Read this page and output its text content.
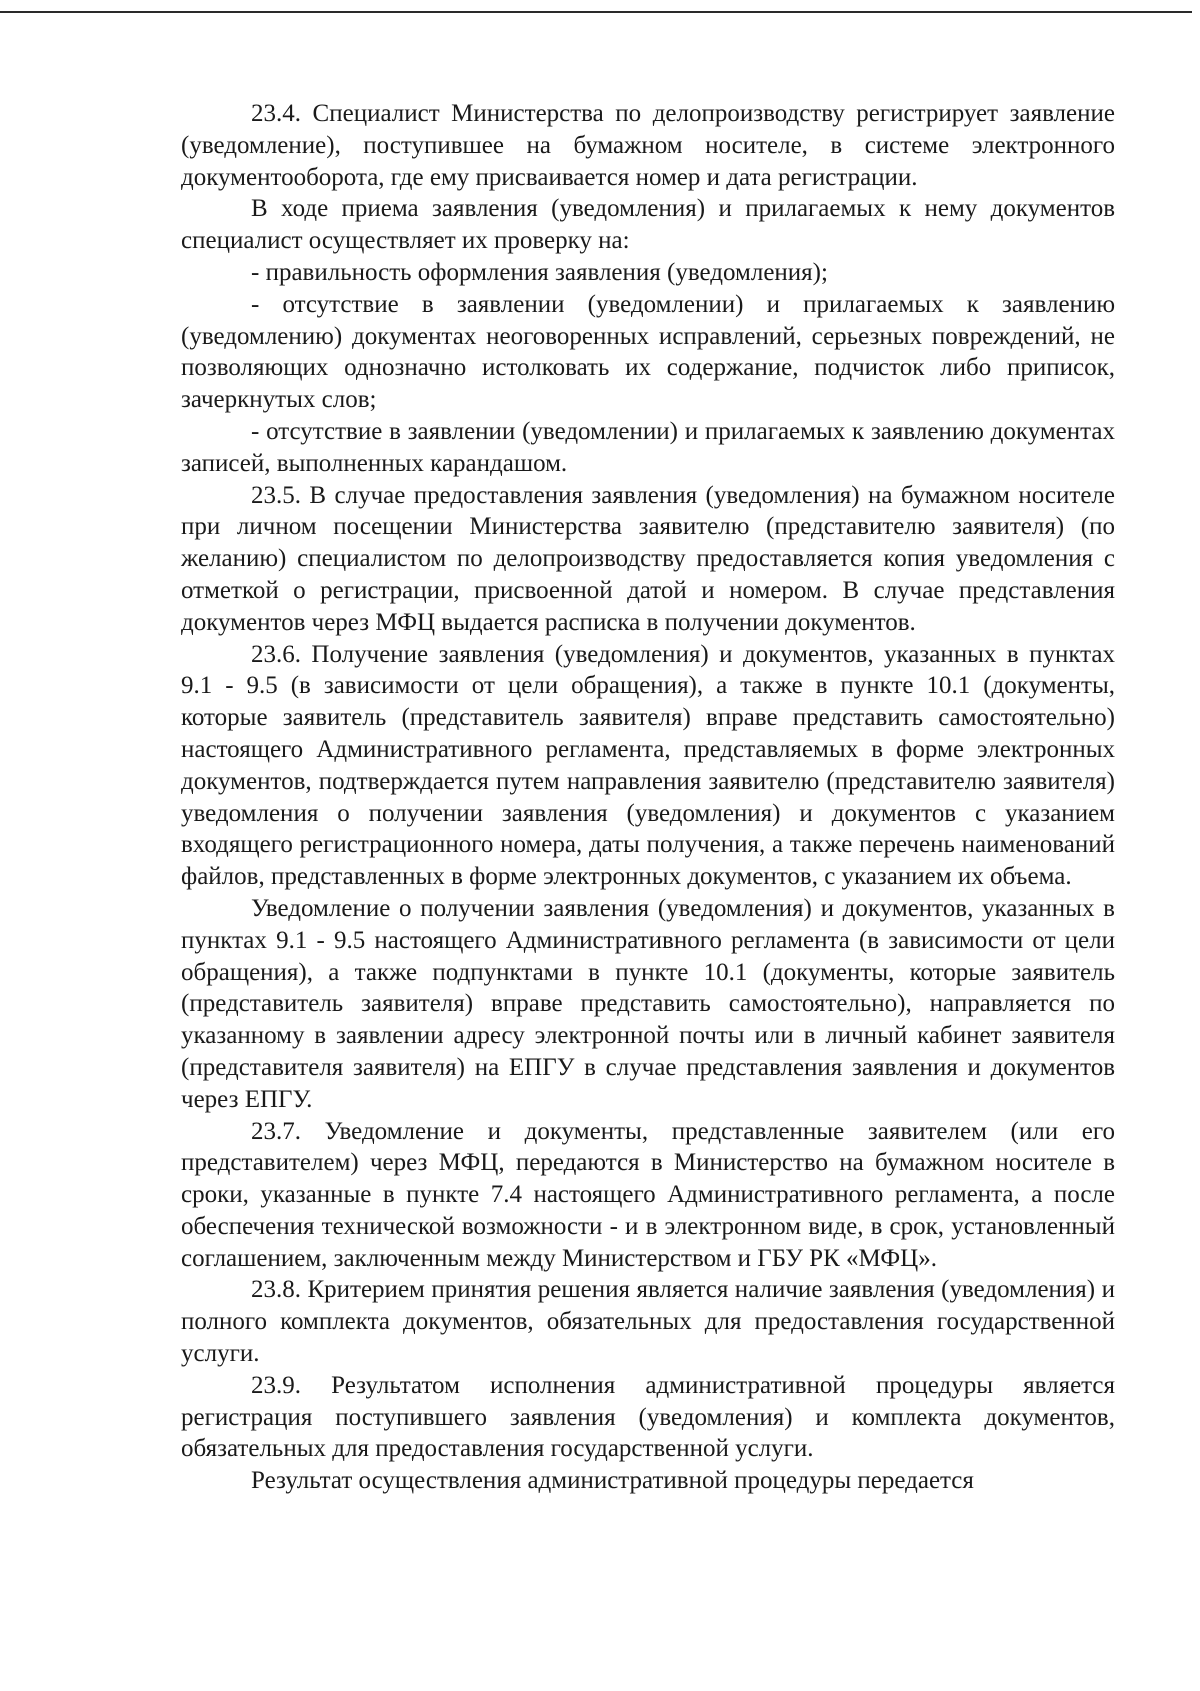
23.4. Специалист Министерства по делопроизводству регистрирует заявление (уведомление), поступившее на бумажном носителе, в системе электронного документооборота, где ему присваивается номер и дата регистрации.

В ходе приема заявления (уведомления) и прилагаемых к нему документов специалист осуществляет их проверку на:

- правильность оформления заявления (уведомления);

- отсутствие в заявлении (уведомлении) и прилагаемых к заявлению (уведомлению) документах неоговоренных исправлений, серьезных повреждений, не позволяющих однозначно истолковать их содержание, подчисток либо приписок, зачеркнутых слов;

- отсутствие в заявлении (уведомлении) и прилагаемых к заявлению документах записей, выполненных карандашом.

23.5. В случае предоставления заявления (уведомления) на бумажном носителе при личном посещении Министерства заявителю (представителю заявителя) (по желанию) специалистом по делопроизводству предоставляется копия уведомления с отметкой о регистрации, присвоенной датой и номером. В случае представления документов через МФЦ выдается расписка в получении документов.

23.6. Получение заявления (уведомления) и документов, указанных в пунктах 9.1 - 9.5 (в зависимости от цели обращения), а также в пункте 10.1 (документы, которые заявитель (представитель заявителя) вправе представить самостоятельно) настоящего Административного регламента, представляемых в форме электронных документов, подтверждается путем направления заявителю (представителю заявителя) уведомления о получении заявления (уведомления) и документов с указанием входящего регистрационного номера, даты получения, а также перечень наименований файлов, представленных в форме электронных документов, с указанием их объема.

Уведомление о получении заявления (уведомления) и документов, указанных в пунктах 9.1 - 9.5 настоящего Административного регламента (в зависимости от цели обращения), а также подпунктами в пункте 10.1 (документы, которые заявитель (представитель заявителя) вправе представить самостоятельно), направляется по указанному в заявлении адресу электронной почты или в личный кабинет заявителя (представителя заявителя) на ЕПГУ в случае представления заявления и документов через ЕПГУ.

23.7. Уведомление и документы, представленные заявителем (или его представителем) через МФЦ, передаются в Министерство на бумажном носителе в сроки, указанные в пункте 7.4 настоящего Административного регламента, а после обеспечения технической возможности - и в электронном виде, в срок, установленный соглашением, заключенным между Министерством и ГБУ РК «МФЦ».

23.8. Критерием принятия решения является наличие заявления (уведомления) и полного комплекта документов, обязательных для предоставления государственной услуги.

23.9. Результатом исполнения административной процедуры является регистрация поступившего заявления (уведомления) и комплекта документов, обязательных для предоставления государственной услуги.

Результат осуществления административной процедуры передается
